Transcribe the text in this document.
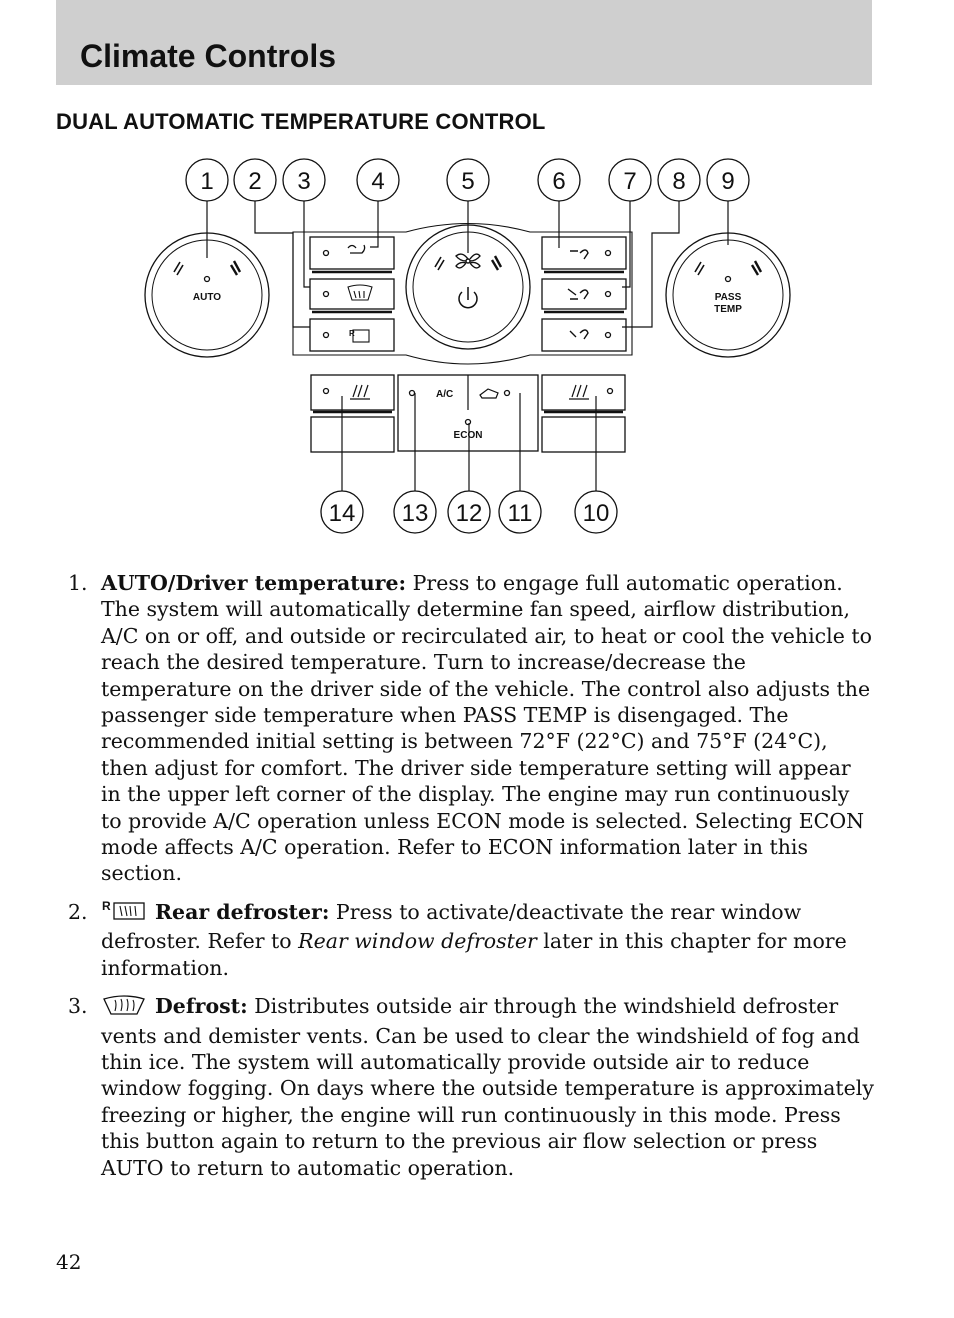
Climate Controls
DUAL AUTOMATIC TEMPERATURE CONTROL
1 2 3	4	5	6 7 8 9
AUTO	PASS
TEMP
R
A/C
ECON
14 13 12 11 10
1. AUTO/Driver temperature: Press to engage full automatic operation. The system will automatically determine fan speed, airflow distribution, A/C on or off, and outside or recirculated air, to heat or cool the vehicle to reach the desired temperature. Turn to increase/decrease the temperature on the driver side of the vehicle. The control also adjusts the passenger side temperature when PASS TEMP is disengaged. The recommended initial setting is between 72°F (22°C) and 75°F (24°C), then adjust for comfort. The driver side temperature setting will appear in the upper left corner of the display. The engine may run continuously to provide A/C operation unless ECON mode is selected. Selecting ECON mode affects A/C operation. Refer to ECON information later in this section.
2. R Rear defroster: Press to activate/deactivate the rear window defroster. Refer to Rear window defroster later in this chapter for more information.
3.	Defrost: Distributes outside air through the windshield defroster vents and demister vents. Can be used to clear the windshield of fog and thin ice. The system will automatically provide outside air to reduce window fogging. On days where the outside temperature is approximately freezing or higher, the engine will run continuously in this mode. Press this button again to return to the previous air flow selection or press AUTO to return to automatic operation.
42
